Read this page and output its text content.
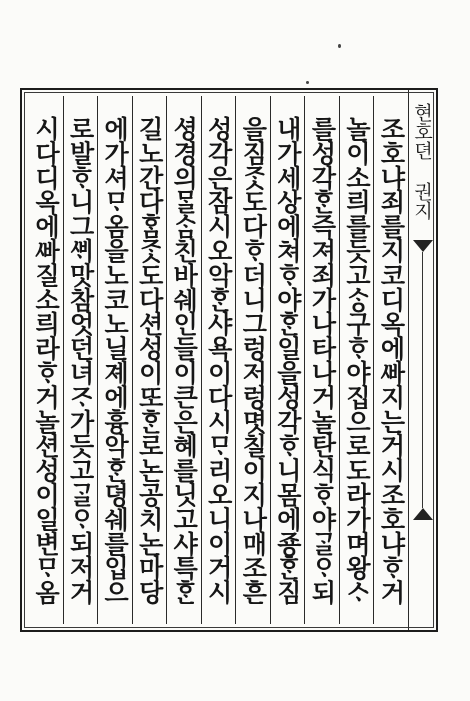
조호냐죄를지코디옥에ᄲᅡ지는거시조호냐ᄒᆞ거
놀이소릐를듯고ᄉᆞᆼ구ᄒᆞ야집으로도라가며왕ᄉᆞ
를성각ᄒᆞᆫ즉져죄가나타나거놀탄식ᄒᆞ야ᄀᆞᆯᄋᆞ되
내가세상에쳐ᄒᆞ야ᄒᆞᆫ일을성각ᄒᆞ니몸에죵ᄒᆞᆫ짐
을짐ᄌᆞᆺ도다ᄒᆞ더니그렁저렁몃칠이지나매조흔
성각은잠시오악ᄒᆞᆫ샤욕이다시ᄆᆞ리오니이거시
셩경의ᄆᆞᆯᄉᆞᆷ친바쉐인들이큰은혜를닛고샤특ᄒᆞᆫ
길노간다ᄒᆞᆷᄌᆞᆺ도다션성이또ᄒᆞᆫ로논공치논마당
에가셔ᄆᆞ옴을노코노닐졔에흉악ᄒᆞᆫ뎡쉐를입으
로발ᄒᆞ니그ᄲᆡ맛참엇던녀ᄌᆞ가듯고ᄀᆞᆯᄋᆞ되저거
시다디옥에ᄲᅡ질소릐라ᄒᆞ거놀션성이일변ᄆᆞ옴	현호뎐 권지
